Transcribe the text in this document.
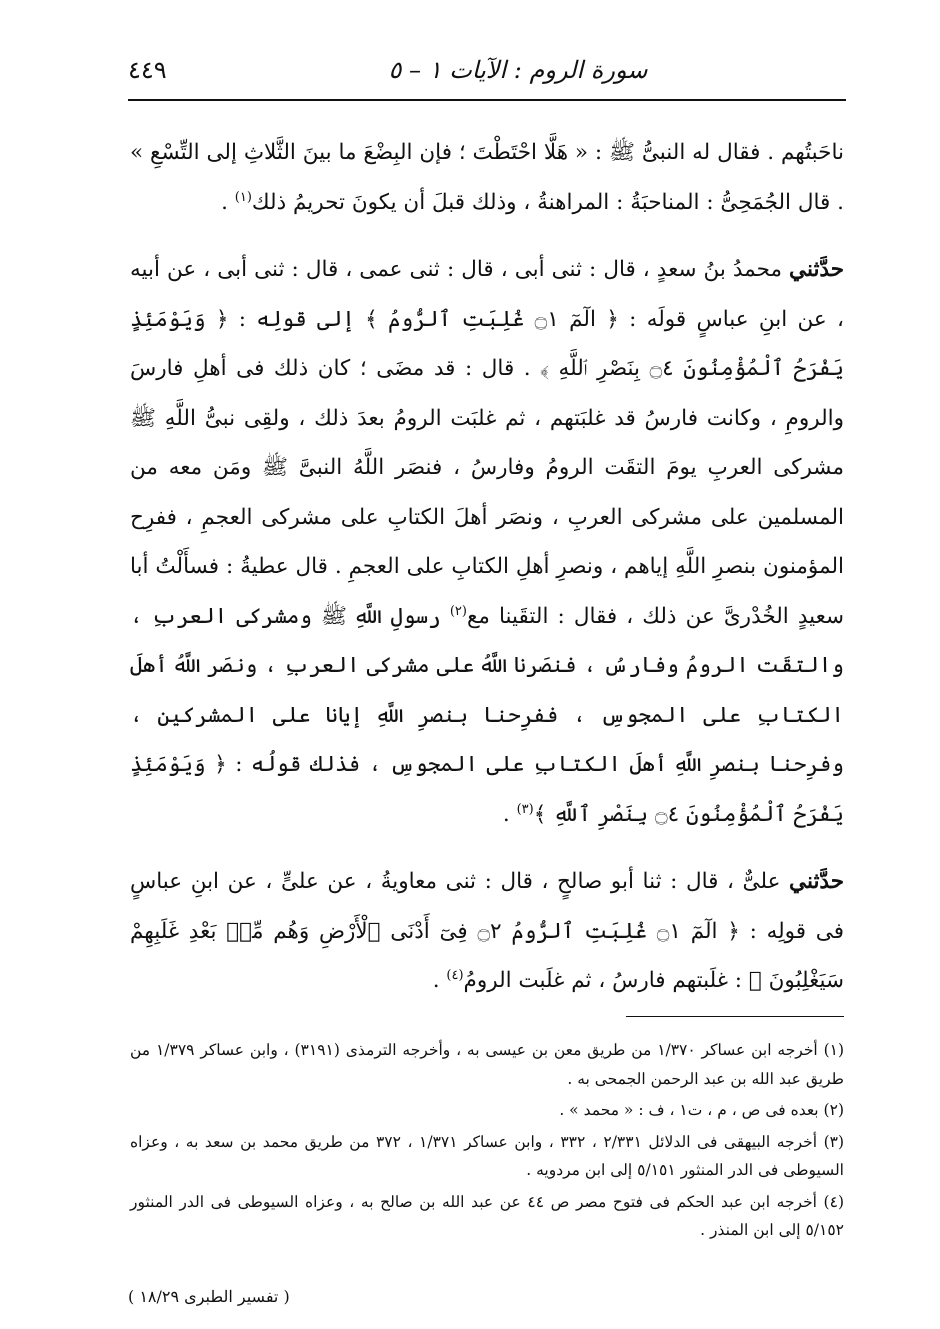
سورة الروم : الآيات ١ – ٥
٤٤٩

ناحَبتُهم . فقال له النبىُّ ﷺ : « هَلَّا احْتَطْتَ ؛ فإن البِضْعَ ما بينَ الثَّلاثِ إلى التِّسْعِ » . قال الجُمَحِىُّ : المناحبَةُ : المراهنةُ ، وذلك قبلَ أن يكونَ تحريمُ ذلك$^{(١)}$ .

حدَّثني محمدُ بنُ سعدٍ ، قال : ثنى أبى ، قال : ثنى عمى ، قال : ثنى أبى ، عن أبيه ، عن ابنِ عباسٍ قولَه : ﴿ الٓمٓ ۝١ غُلِبَتِ ٱلرُّومُ ﴾ إلى قولِه : ﴿ وَيَوْمَئِذٍ يَفْرَحُ ٱلْمُؤْمِنُونَ ۝٤ بِنَصْرِ ٱللَّهِ ﴾ . قال : قد مضَى ؛ كان ذلك فى أهلِ فارسَ والرومِ ، وكانت فارسُ قد غلبَتهم ، ثم غلبَت الرومُ بعدَ ذلك ، ولقِى نبىُّ اللَّهِ ﷺ مشركى العربِ يومَ التقَت الرومُ وفارسُ ، فنصَر اللَّهُ النبىَّ ﷺ ومَن معه من المسلمين على مشركى العربِ ، ونصَر أهلَ الكتابِ على مشركى العجمِ ، ففرِح المؤمنون بنصرِ اللَّهِ إياهم ، ونصرِ أهلِ الكتابِ على العجمِ . قال عطيةُ : فسأَلْتُ أبا سعيدٍ الخُدْرىَّ عن ذلك ، فقال : التقَينا مع$^{(٢)}$ رسولِ اللَّهِ ﷺ ومشركى العربِ ، والتقَت الرومُ وفارسُ ، فنصَرنا اللَّهُ على مشركى العربِ ، ونصَر اللَّهُ أهلَ الكتابِ على المجوسِ ، ففرِحنا بنصرِ اللَّهِ إيانا على المشركين ، وفرِحنا بنصرِ اللَّهِ أهلَ الكتابِ على المجوسِ ، فذلك قولُه : ﴿ وَيَوْمَئِذٍ يَفْرَحُ ٱلْمُؤْمِنُونَ ۝٤ بِنَصْرِ ٱللَّهِ ﴾$^{(٣)}$ .

حدَّثني علىٌّ ، قال : ثنا أبو صالحٍ ، قال : ثنى معاويةُ ، عن علىٍّ ، عن ابنِ عباسٍ فى قولِه : ﴿ الٓمٓ ۝١ غُلِبَتِ ٱلرُّومُ ۝٢ فِىٓ أَدْنَى ٱلْأَرْضِ وَهُم مِّنۢ بَعْدِ غَلَبِهِمْ سَيَغْلِبُونَ ﴾ : غلَبتهم فارسُ ، ثم غلَبت الرومُ$^{(٤)}$ .

(١) أخرجه ابن عساكر ١/٣٧٠ من طريق معن بن عيسى به ، وأخرجه الترمذى (٣١٩١) ، وابن عساكر ١/٣٧٩ من طريق عبد الله بن عبد الرحمن الجمحى به .

(٢) بعده فى ص ، م ، ت١ ، ف : « محمد » .

(٣) أخرجه البيهقى فى الدلائل ٢/٣٣١ ، ٣٣٢ ، وابن عساكر ١/٣٧١ ، ٣٧٢ من طريق محمد بن سعد به ، وعزاه السيوطى فى الدر المنثور ٥/١٥١ إلى ابن مردويه .

(٤) أخرجه ابن عبد الحكم فى فتوح مصر ص ٤٤ عن عبد الله بن صالح به ، وعزاه السيوطى فى الدر المنثور ٥/١٥٢ إلى ابن المنذر .

( تفسير الطبرى ١٨/٢٩ )
